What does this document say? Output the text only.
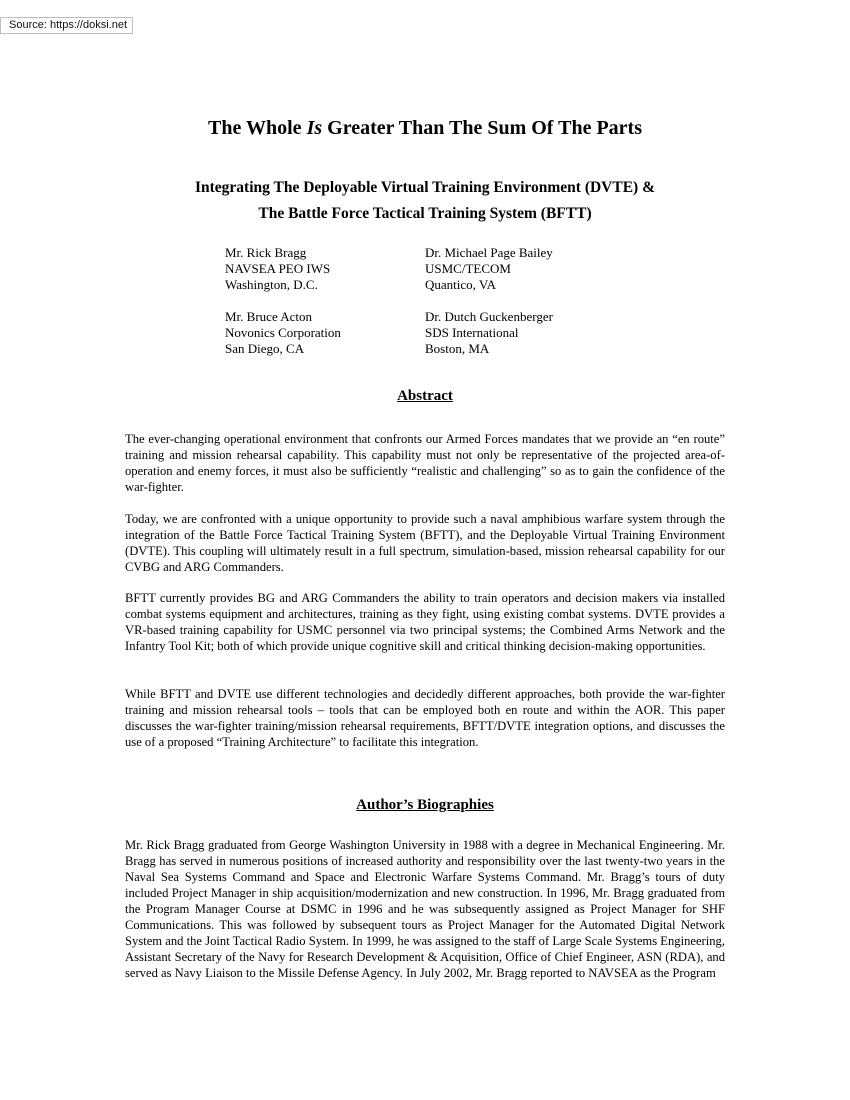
Source: https://doksi.net
The Whole Is Greater Than The Sum Of The Parts
Integrating The Deployable Virtual Training Environment (DVTE) &
The Battle Force Tactical Training System (BFTT)
Mr. Rick Bragg
NAVSEA PEO IWS
Washington, D.C.
Mr. Bruce Acton
Novonics Corporation
San Diego, CA
Dr. Michael Page Bailey
USMC/TECOM
Quantico, VA
Dr. Dutch Guckenberger
SDS International
Boston, MA
Abstract
The ever-changing operational environment that confronts our Armed Forces mandates that we provide an “en route” training and mission rehearsal capability. This capability must not only be representative of the projected area-of-operation and enemy forces, it must also be sufficiently “realistic and challenging” so as to gain the confidence of the war-fighter.
Today, we are confronted with a unique opportunity to provide such a naval amphibious warfare system through the integration of the Battle Force Tactical Training System (BFTT), and the Deployable Virtual Training Environment (DVTE). This coupling will ultimately result in a full spectrum, simulation-based, mission rehearsal capability for our CVBG and ARG Commanders.
BFTT currently provides BG and ARG Commanders the ability to train operators and decision makers via installed combat systems equipment and architectures, training as they fight, using existing combat systems. DVTE provides a VR-based training capability for USMC personnel via two principal systems; the Combined Arms Network and the Infantry Tool Kit; both of which provide unique cognitive skill and critical thinking decision-making opportunities.
While BFTT and DVTE use different technologies and decidedly different approaches, both provide the war-fighter training and mission rehearsal tools – tools that can be employed both en route and within the AOR. This paper discusses the war-fighter training/mission rehearsal requirements, BFTT/DVTE integration options, and discusses the use of a proposed “Training Architecture” to facilitate this integration.
Author’s Biographies
Mr. Rick Bragg graduated from George Washington University in 1988 with a degree in Mechanical Engineering. Mr. Bragg has served in numerous positions of increased authority and responsibility over the last twenty-two years in the Naval Sea Systems Command and Space and Electronic Warfare Systems Command. Mr. Bragg’s tours of duty included Project Manager in ship acquisition/modernization and new construction. In 1996, Mr. Bragg graduated from the Program Manager Course at DSMC in 1996 and he was subsequently assigned as Project Manager for SHF Communications. This was followed by subsequent tours as Project Manager for the Automated Digital Network System and the Joint Tactical Radio System. In 1999, he was assigned to the staff of Large Scale Systems Engineering, Assistant Secretary of the Navy for Research Development & Acquisition, Office of Chief Engineer, ASN (RDA), and served as Navy Liaison to the Missile Defense Agency. In July 2002, Mr. Bragg reported to NAVSEA as the Program
